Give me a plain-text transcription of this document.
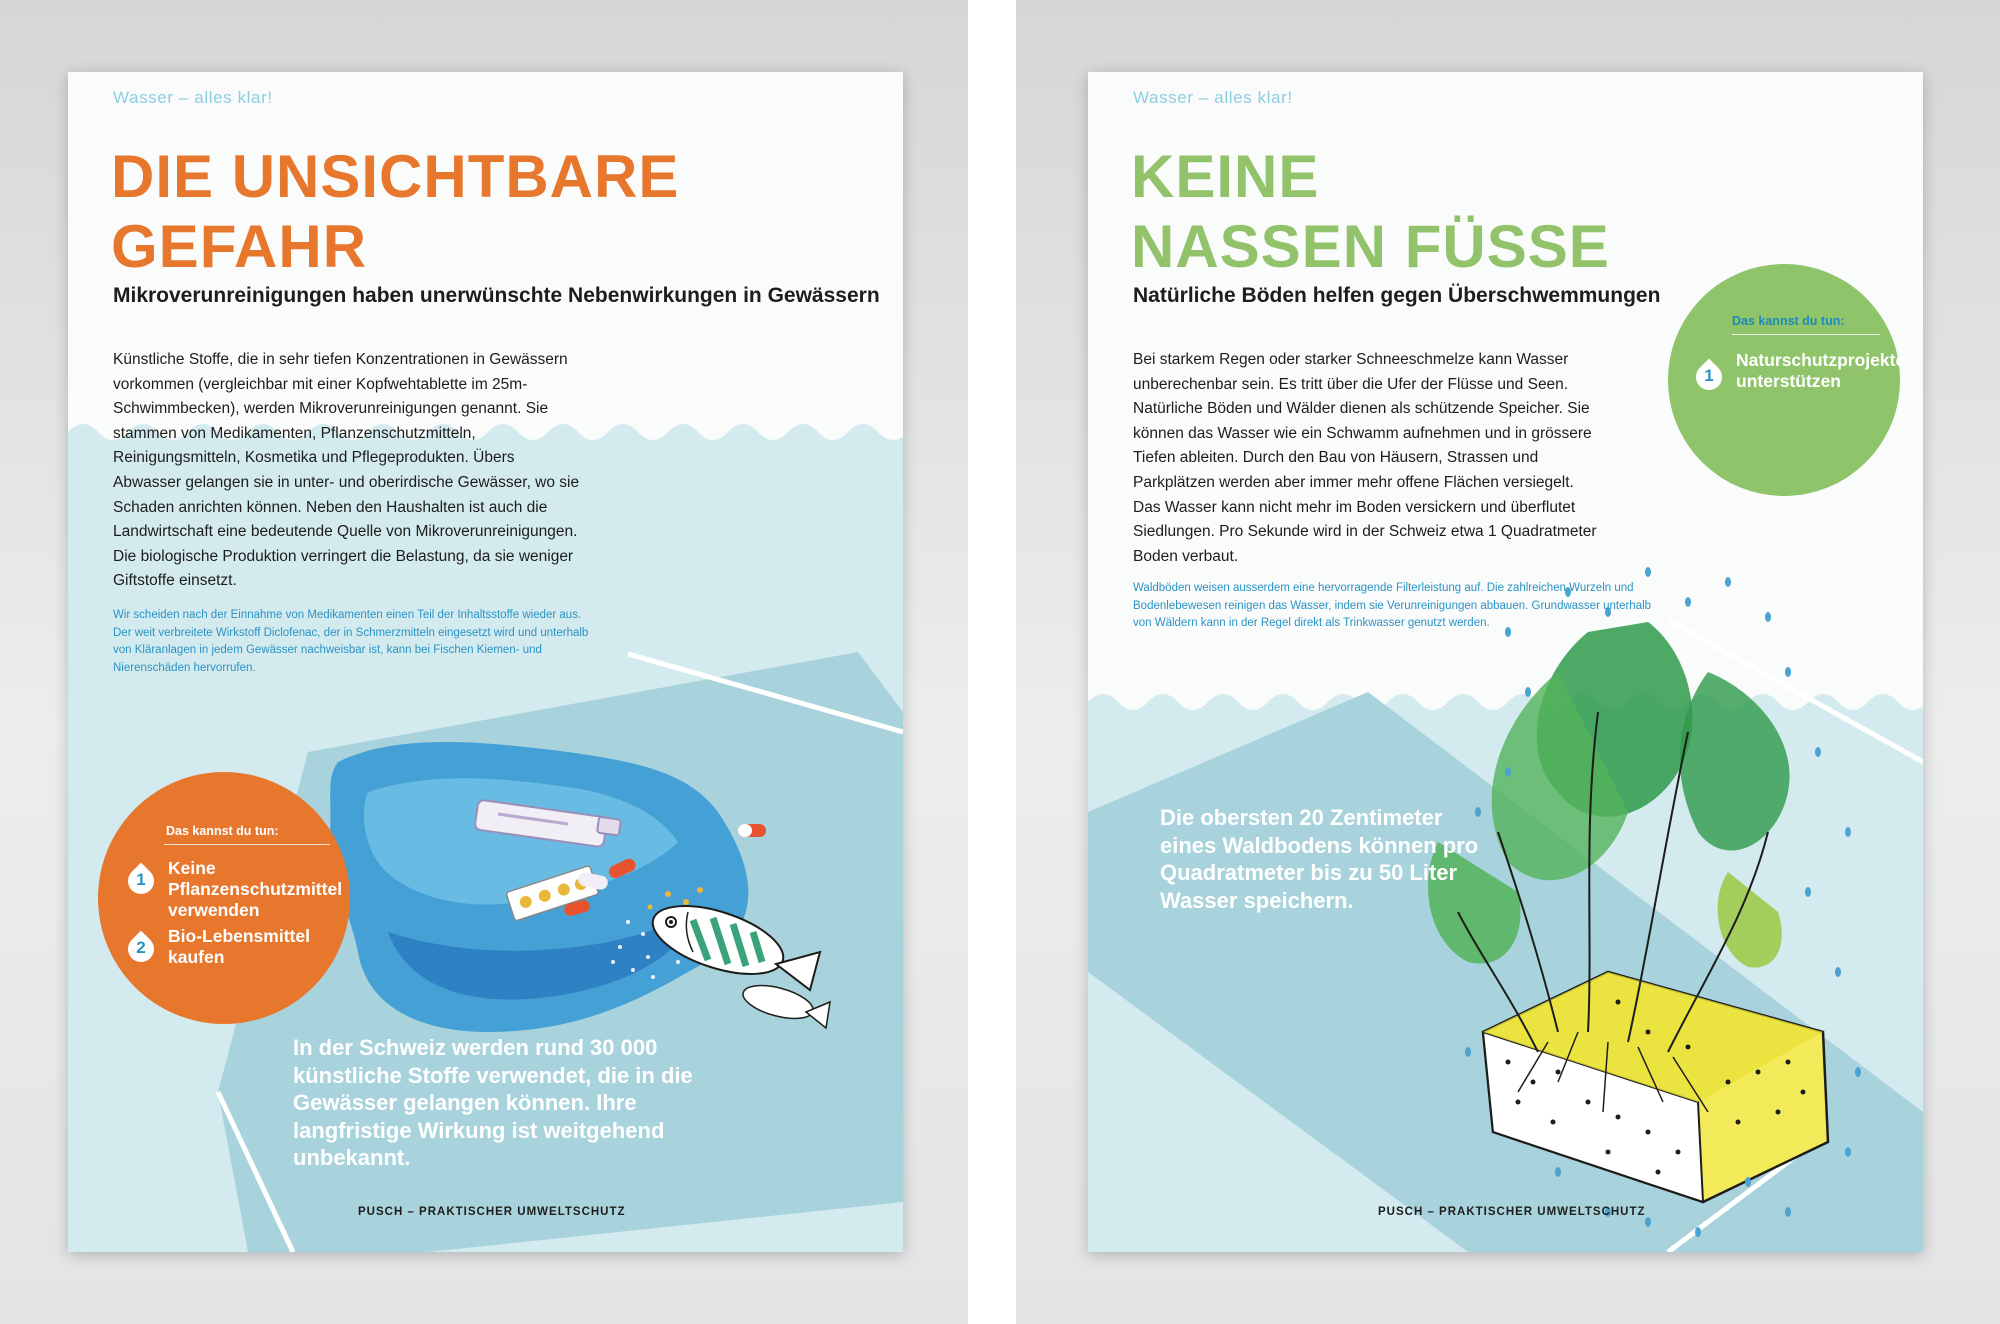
Wasser – alles klar!
DIE UNSICHTBARE
GEFAHR
Mikroverunreinigungen haben unerwünschte Nebenwirkungen in Gewässern

Künstliche Stoffe, die in sehr tiefen Konzentrationen in Gewässern vorkommen (vergleichbar mit einer Kopfwehtablette im 25m-Schwimmbecken), werden Mikroverunreinigungen genannt. Sie stammen von Medikamenten, Pflanzenschutzmitteln, Reinigungsmitteln, Kosmetika und Pflegeprodukten. Übers Abwasser gelangen sie in unter- und oberirdische Gewässer, wo sie Schaden anrichten können. Neben den Haushalten ist auch die Landwirtschaft eine bedeutende Quelle von Mikroverunreinigungen. Die biologische Produktion verringert die Belastung, da sie weniger Giftstoffe einsetzt.

Wir scheiden nach der Einnahme von Medikamenten einen Teil der Inhaltsstoffe wieder aus. Der weit verbreitete Wirkstoff Diclofenac, der in Schmerzmitteln eingesetzt wird und unterhalb von Kläranlagen in jedem Gewässer nachweisbar ist, kann bei Fischen Kiemen- und Nierenschäden hervorrufen.

Das kannst du tun:
1
Keine Pflanzenschutzmittel verwenden
2
Bio-Lebensmittel kaufen

In der Schweiz werden rund 30 000 künstliche Stoffe verwendet, die in die Gewässer gelangen können. Ihre langfristige Wirkung ist weitgehend unbekannt.

PUSCH – PRAKTISCHER UMWELTSCHUTZ
Wasser – alles klar!
KEINE
NASSEN FÜSSE
Natürliche Böden helfen gegen Überschwemmungen

Bei starkem Regen oder starker Schneeschmelze kann Wasser unberechenbar sein. Es tritt über die Ufer der Flüsse und Seen. Natürliche Böden und Wälder dienen als schützende Speicher. Sie können das Wasser wie ein Schwamm aufnehmen und in grössere Tiefen ableiten. Durch den Bau von Häusern, Strassen und Parkplätzen werden aber immer mehr offene Flächen versiegelt. Das Wasser kann nicht mehr im Boden versickern und überflutet Siedlungen. Pro Sekunde wird in der Schweiz etwa 1 Quadratmeter Boden verbaut.

Waldböden weisen ausserdem eine hervorragende Filterleistung auf. Die zahlreichen Wurzeln und Bodenlebewesen reinigen das Wasser, indem sie Verunreinigungen abbauen. Grundwasser unterhalb von Wäldern kann in der Regel direkt als Trinkwasser genutzt werden.

Das kannst du tun:
1
Naturschutzprojekte unterstützen

Die obersten 20 Zentimeter eines Waldbodens können pro Quadratmeter bis zu 50 Liter Wasser speichern.

PUSCH – PRAKTISCHER UMWELTSCHUTZ
